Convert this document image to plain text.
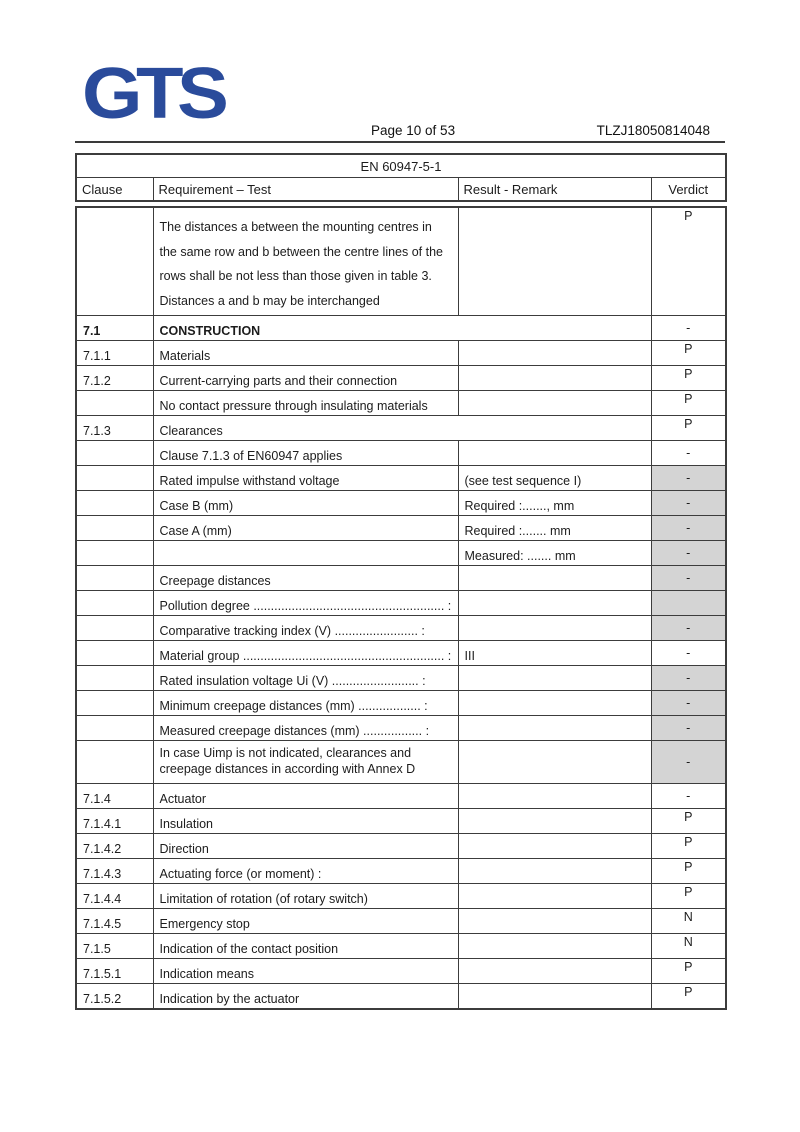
GTS	Page 10 of 53	TLZJ18050814048
EN 60947-5-1
Clause	Requirement – Test	Result - Remark	Verdict
	The distances a between the mounting centres in the same row and b between the centre lines of the rows shall be not less than those given in table 3. Distances a and b may be interchanged		P
7.1	CONSTRUCTION		-
7.1.1	Materials		P
7.1.2	Current-carrying parts and their connection		P
	No contact pressure through insulating materials		P
7.1.3	Clearances		P
	Clause 7.1.3 of EN60947 applies		-
	Rated impulse withstand voltage	(see test sequence I)	-
	Case B (mm)	Required :......., mm	-
	Case A (mm)	Required :....... mm	-
		Measured: ....... mm	-
	Creepage distances		-
	Pollution degree ....................................................... :		
	Comparative tracking index (V) ........................ :		-
	Material group .......................................................... :	III	-
	Rated insulation voltage Ui (V) ......................... :		-
	Minimum creepage distances (mm) .................. :		-
	Measured creepage distances (mm) ................. :		-
	In case Uimp is not indicated, clearances and creepage distances in according with Annex D		-
7.1.4	Actuator		-
7.1.4.1	Insulation		P
7.1.4.2	Direction		P
7.1.4.3	Actuating force (or moment) :		P
7.1.4.4	Limitation of rotation (of rotary switch)		P
7.1.4.5	Emergency stop		N
7.1.5	Indication of the contact position		N
7.1.5.1	Indication means		P
7.1.5.2	Indication by the actuator		P
